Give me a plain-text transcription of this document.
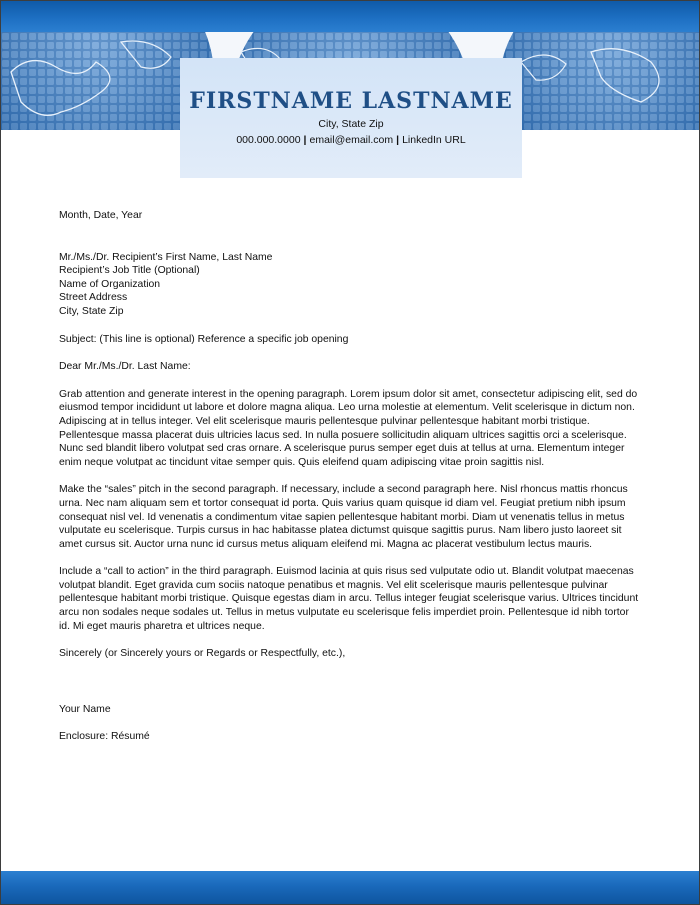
FIRSTNAME LASTNAME
City, State Zip
000.000.0000 | email@email.com | LinkedIn URL

Month, Date, Year

Mr./Ms./Dr. Recipient’s First Name, Last Name

Recipient’s Job Title (Optional)

Name of Organization

Street Address

City, State Zip

Subject: (This line is optional) Reference a specific job opening

Dear Mr./Ms./Dr. Last Name:

Grab attention and generate interest in the opening paragraph. Lorem ipsum dolor sit amet, consectetur adipiscing elit, sed do eiusmod tempor incididunt ut labore et dolore magna aliqua. Leo urna molestie at elementum. Velit scelerisque in dictum non. Adipiscing at in tellus integer. Vel elit scelerisque mauris pellentesque pulvinar pellentesque habitant morbi tristique. Pellentesque massa placerat duis ultricies lacus sed. In nulla posuere sollicitudin aliquam ultrices sagittis orci a scelerisque. Nunc sed blandit libero volutpat sed cras ornare. A scelerisque purus semper eget duis at tellus at urna. Elementum integer enim neque volutpat ac tincidunt vitae semper quis. Quis eleifend quam adipiscing vitae proin sagittis nisl.

Make the “sales” pitch in the second paragraph. If necessary, include a second paragraph here. Nisl rhoncus mattis rhoncus urna. Nec nam aliquam sem et tortor consequat id porta. Quis varius quam quisque id diam vel. Feugiat pretium nibh ipsum consequat nisl vel. Id venenatis a condimentum vitae sapien pellentesque habitant morbi. Diam ut venenatis tellus in metus vulputate eu scelerisque. Turpis cursus in hac habitasse platea dictumst quisque sagittis purus. Nam libero justo laoreet sit amet cursus sit. Auctor urna nunc id cursus metus aliquam eleifend mi. Magna ac placerat vestibulum lectus mauris.

Include a “call to action” in the third paragraph. Euismod lacinia at quis risus sed vulputate odio ut. Blandit volutpat maecenas volutpat blandit. Eget gravida cum sociis natoque penatibus et magnis. Vel elit scelerisque mauris pellentesque pulvinar pellentesque habitant morbi tristique. Quisque egestas diam in arcu. Tellus integer feugiat scelerisque varius. Ultrices tincidunt arcu non sodales neque sodales ut. Tellus in metus vulputate eu scelerisque felis imperdiet proin. Pellentesque id nibh tortor id. Mi eget mauris pharetra et ultrices neque.

Sincerely (or Sincerely yours or Regards or Respectfully, etc.),

Your Name

Enclosure: Résumé
